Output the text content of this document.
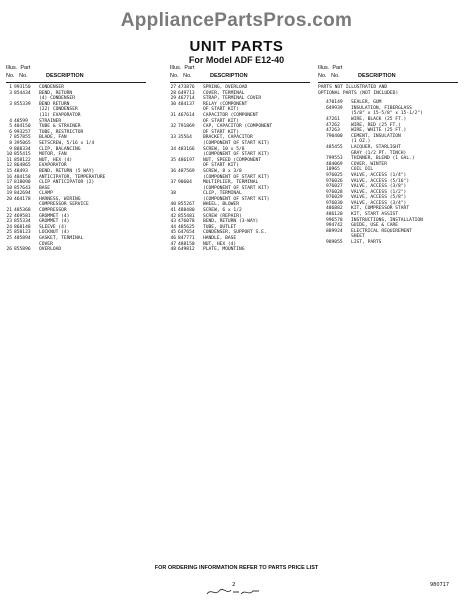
AppliancePartsPros.com
UNIT PARTS
For Model ADF E12-40
Illus. Part
No. No.	DESCRIPTION
1 993150	CONDENSER
3 854434	BEND, RETURN
(4) CONDENSER
3 855339	BEND RETURN
(22) CONDENSER
(11) EVAPORATOR
4 48599	STRAINER
5 484150	TUBE & STRAINER
6 993257	TUBE, RESTRICTOR
7 857855	BLADE, FAN
8 395065	SETSCREW, 5/16 x 1/4
9 888334	CLIP, BALANCING
10 855415	MOTOR, FAN
11 858122	NUT, HEX (4)
12 864865	EVAPORATOR
15 48493	BEND, RETURN (5 WAY)
16 484158	ANTICIPATOR, TEMPERATURE
17 818090	CLIP ANTICIPATOR (2)
18 857643	BASE
19 842694	CLAMP
20 464178	HARNESS, WIRING
COMPRESSOR SERVICE
21 485368	COMPRESSOR
22 469581	GROMMET (4)
23 855334	GROMMET (4)
24 868148	SLEEVE (4)
25 858123	LOCKNUT (4)
25 485894	GASKET, TERMINAL
COVER
26 855896	OVERLOAD
Illus. Part
No. No.	DESCRIPTION
27 473876	SPRING, OVERLOAD
28 649713	COVER, TERMINAL
29 467714	STRAP, TERMINAL COVER
30 484137	RELAY (COMPONENT
OF START KIT)
31 467614	CAPACITOR (COMPONENT
OF START KIT)
32 791869	CAP, CAPACITOR (COMPONENT
OF START KIT)
33 35564	BRACKET, CAPACITOR
(COMPONENT OF START KIT)
34 483166	SCREW, 10 x 5/8
(COMPONENT OF START KIT)
35 486197	NUT, SPEED (COMPONENT
OF START KIT)
36 487569	SCREW, 8 x 3/8
(COMPONENT OF START KIT)
37 90604	MULTIPLIER, TERMINAL
(COMPONENT OF START KIT)
38	CLIP, TERMINAL
(COMPONENT OF START KIT)
40 855267	WHEEL, BLOWER
41 488480	SCREW, 6 x 1/2
42 855481	SCREW (REPAIR)
43 476078	BEND, RETURN (3-WAY)
44 485625	TUBE, OUTLET
45 647654	CONDENSER, SUPPORT S.E.
46 847771	HANDLE, BASE
47 488150	NUT, HEX (4)
48 649812	PLATE, MOUNTING
Illus. Part
No. No.	DESCRIPTION
PARTS NOT ILLUSTRATED AND
OPTIONAL PARTS (NOT INCLUDED)
470149	SEALER, GUM
649939	INSULATION, FIBERGLASS
(5/8" x 15-5/8" x 15-1/2")
47261	WIRE, BLACK (25 FT.)
47262	WIRE, RED (25 FT.)
47263	WIRE, WHITE (25 FT.)
790400	CEMENT, INSULATION
(1 OZ.)
485455	LACQUER, STARLIGHT
GRAY (1/2 PT. TINCH)
799553	THINNER, BLEND (1 GAL.)
484069	COVER, WINTER
10965	COIL OIL
976025	VALVE, ACCESS (1/4")
976026	VALVE, ACCESS (5/16")
976027	VALVE, ACCESS (3/8")
976028	VALVE, ACCESS (1/2")
976029	VALVE, ACCESS (5/8")
976030	VALVE, ACCESS (3/4")
486882	KIT, COMPRESSOR START
486120	KIT, START ASSIST
996578	INSTRUCTIONS, INSTALLATION
994742	GUIDE, USE & CARE
889924	ELECTRICAL REQUIREMENT
SHEET
989055	LIST, PARTS
FOR ORDERING INFORMATION REFER TO PARTS PRICE LIST
2	980717
